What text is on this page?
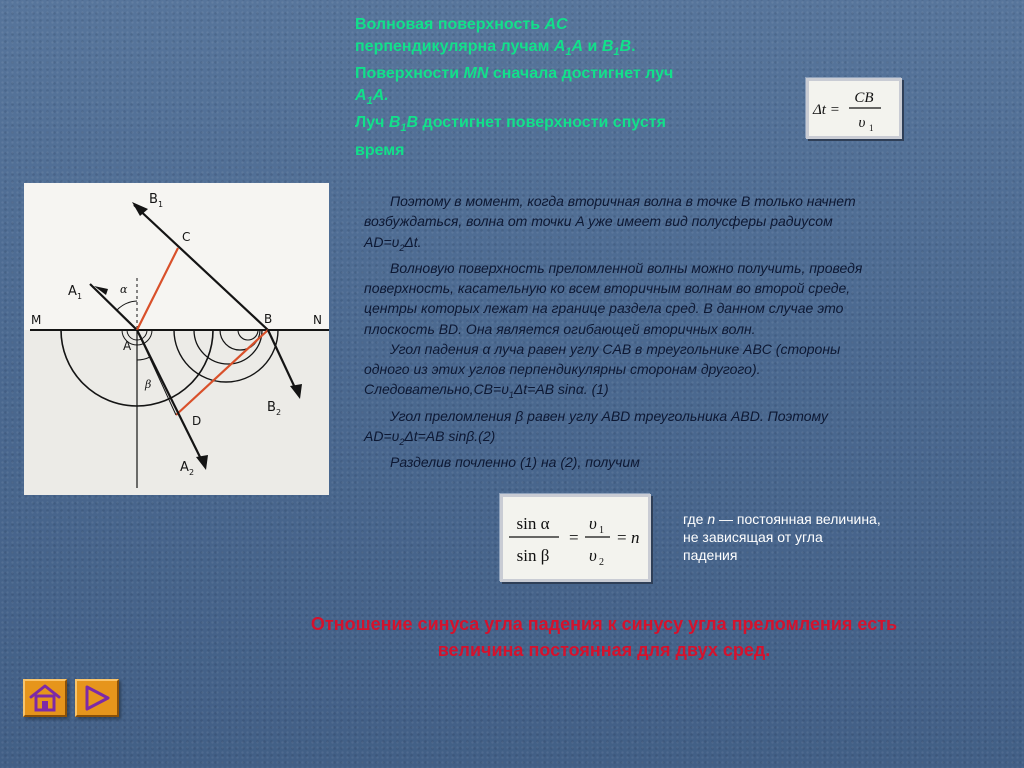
Волновая поверхность AC
перпендикулярна лучам $A_1A$ и $B_1B$.
Поверхности MN сначала достигнет луч
$A_1A$.
Луч $B_1B$ достигнет поверхности спустя
время
Δt =
CB
υ 1
B 1
C
A 1
α
M	N
A
B
β
D
B 2
A 2

Поэтому в момент, когда вторичная волна в точке B только начнет возбуждаться, волна от точки A уже имеет вид полусферы радиусом $AD=\upsilon_2\Delta t$.

Волновую поверхность преломленной волны можно получить, проведя поверхность, касательную ко всем вторичным волнам во второй среде, центры которых лежат на границе раздела сред. В данном случае это плоскость BD. Она является огибающей вторичных волн.

Угол падения α луча равен углу CAB в треугольнике ABC (стороны одного из этих углов перпендикулярны сторонам другого). $Следовательно,CB=\upsilon_1\Delta t=AB$ sinα. (1)

Угол преломления β равен углу ABD треугольника ABD. Поэтому $AD=\upsilon_2\Delta t=AB$ sinβ.(2)

Разделив почленно (1) на (2), получим

sin α
sin β
=
υ 1
υ 2
= n
где n — постоянная величина,
не зависящая от угла
падения
Отношение синуса угла падения к синусу угла преломления есть величина постоянная для двух сред.
